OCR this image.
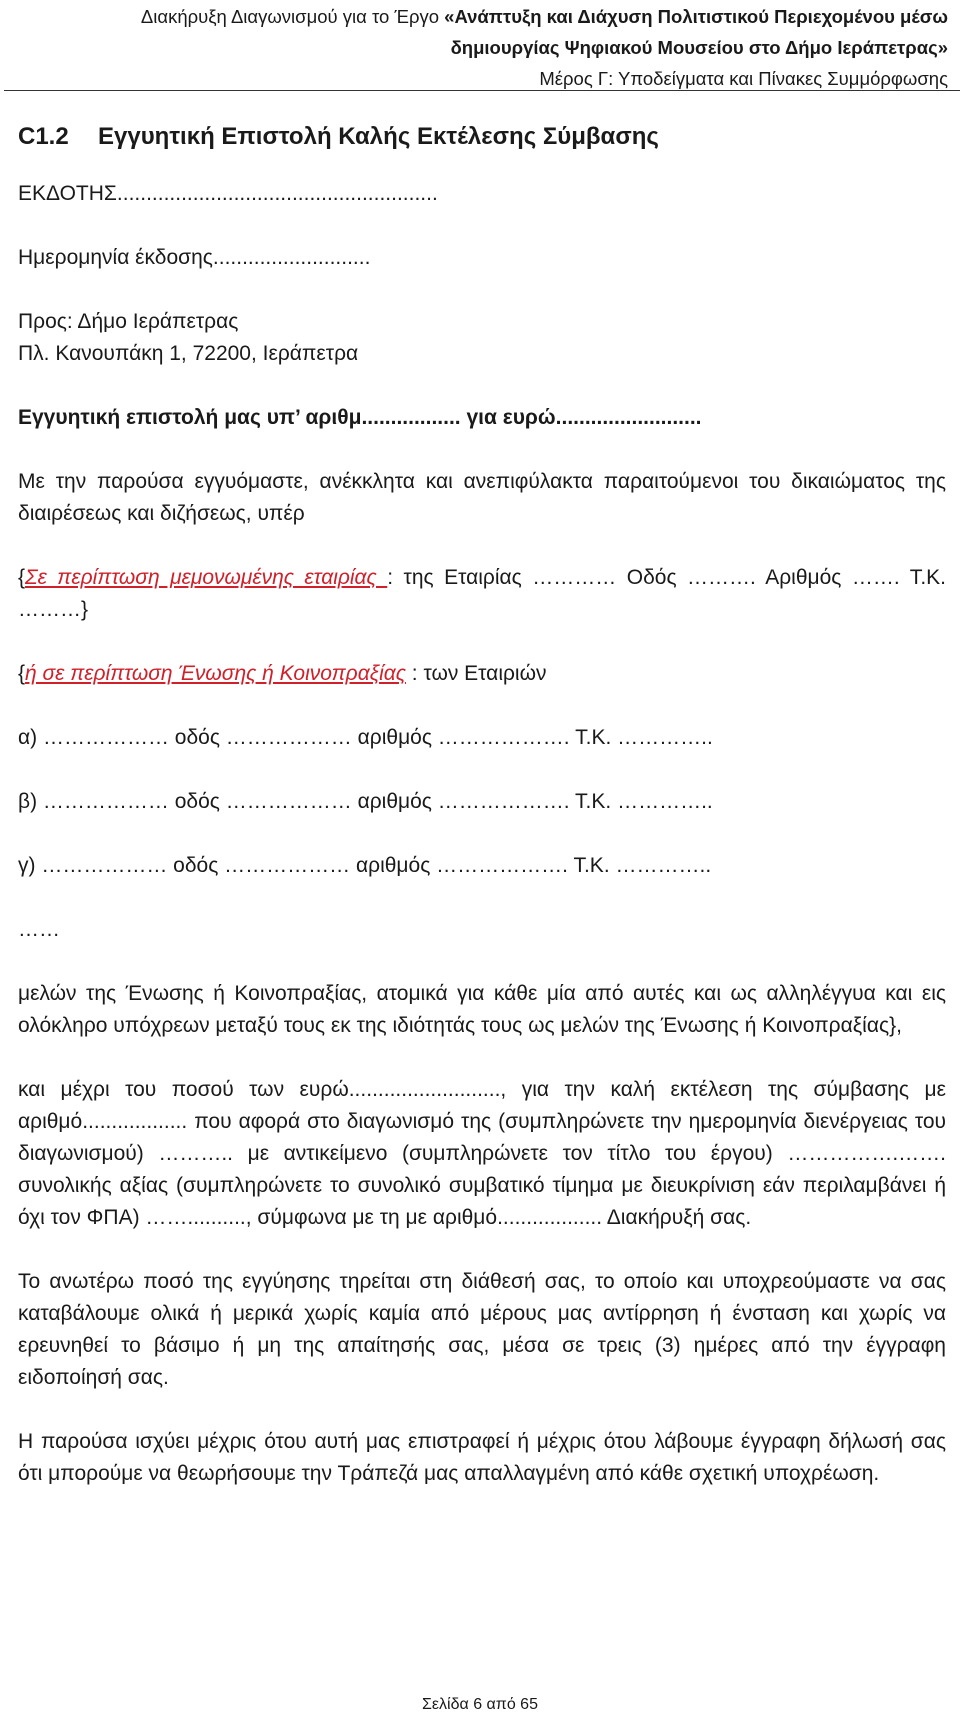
Διακήρυξη Διαγωνισμού για το Έργο «Ανάπτυξη και Διάχυση Πολιτιστικού Περιεχομένου μέσω
δημιουργίας Ψηφιακού Μουσείου στο Δήμο Ιεράπετρας»
Μέρος Γ: Υποδείγματα και Πίνακες Συμμόρφωσης
C1.2	Εγγυητική Επιστολή Καλής Εκτέλεσης Σύμβασης
ΕΚΔΟΤΗΣ.......................................................
Ημερομηνία έκδοσης...........................
Προς: Δήμο Ιεράπετρας
Πλ. Κανουπάκη 1, 72200, Ιεράπετρα
Εγγυητική επιστολή μας υπ’ αριθμ................. για ευρώ.........................
Με την παρούσα εγγυόμαστε, ανέκκλητα και ανεπιφύλακτα παραιτούμενοι του δικαιώματος της διαιρέσεως και διζήσεως, υπέρ
{Σε περίπτωση μεμονωμένης εταιρίας : της Εταιρίας ………… Οδός ………. Αριθμός ……. Τ.Κ. ………}
{ή σε περίπτωση Ένωσης ή Κοινοπραξίας : των Εταιριών
α) ……………… οδός ……………… αριθμός ………………. Τ.Κ. …………..
β) ……………… οδός ……………… αριθμός ………………. Τ.Κ. …………..
γ) ……………… οδός ……………… αριθμός ………………. Τ.Κ. …………..
……
μελών της Ένωσης ή Κοινοπραξίας, ατομικά για κάθε μία από αυτές και ως αλληλέγγυα και εις ολόκληρο υπόχρεων μεταξύ τους εκ της ιδιότητάς τους ως μελών της Ένωσης ή Κοινοπραξίας},
και μέχρι του ποσού των ευρώ.........................., για την καλή εκτέλεση της σύμβασης με αριθμό.................. που αφορά στο διαγωνισμό της (συμπληρώνετε την ημερομηνία διενέργειας του διαγωνισμού) ……….. με αντικείμενο (συμπληρώνετε τον τίτλο του έργου) …………….……. συνολικής αξίας (συμπληρώνετε το συνολικό συμβατικό τίμημα με διευκρίνιση εάν περιλαμβάνει ή όχι τον ΦΠΑ) …….........., σύμφωνα με τη με αριθμό.................. Διακήρυξή σας.
Το ανωτέρω ποσό της εγγύησης τηρείται στη διάθεσή σας, το οποίο και υποχρεούμαστε να σας καταβάλουμε ολικά ή μερικά χωρίς καμία από μέρους μας αντίρρηση ή ένσταση και χωρίς να ερευνηθεί το βάσιμο ή μη της απαίτησής σας, μέσα σε τρεις (3) ημέρες από την έγγραφη ειδοποίησή σας.
Η παρούσα ισχύει μέχρις ότου αυτή μας επιστραφεί ή μέχρις ότου λάβουμε έγγραφη δήλωσή σας ότι μπορούμε να θεωρήσουμε την Τράπεζά μας απαλλαγμένη από κάθε σχετική υποχρέωση.
Σελίδα 6 από 65
